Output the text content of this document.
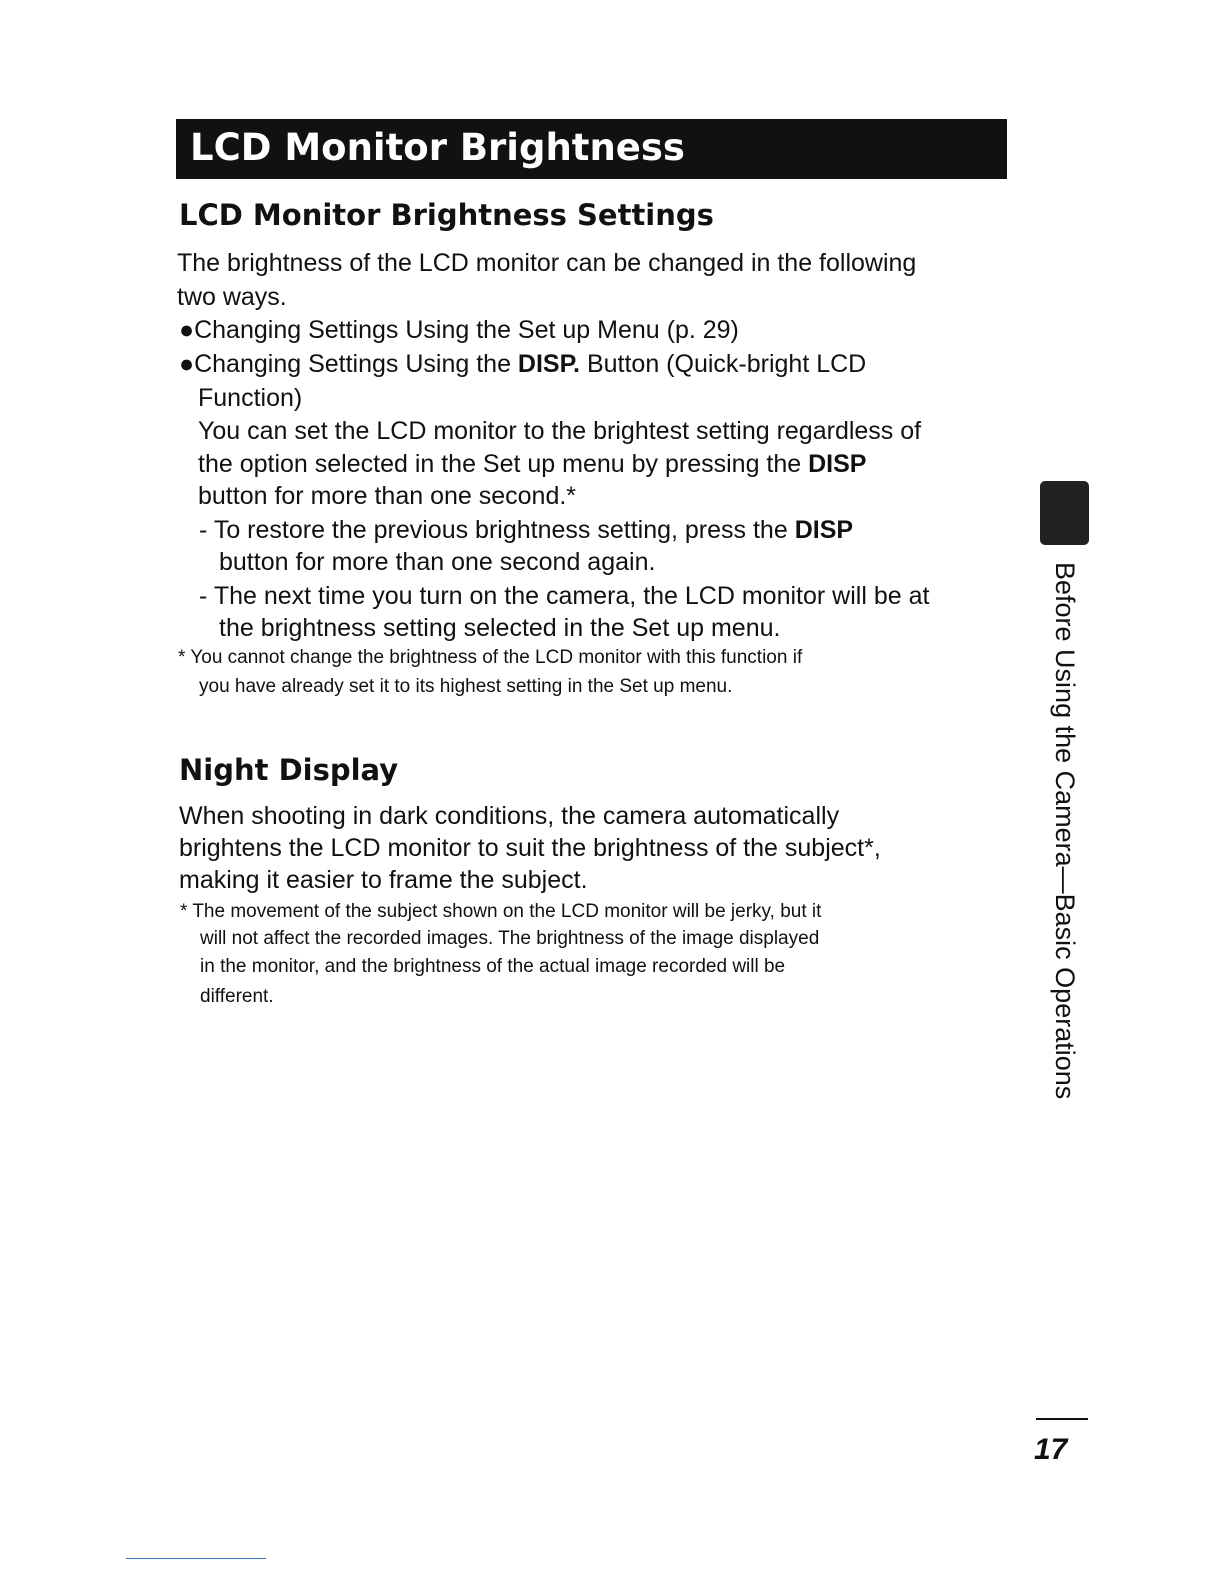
LCD Monitor Brightness
LCD Monitor Brightness Settings
The brightness of the LCD monitor can be changed in the following
two ways.
●Changing Settings Using the Set up Menu (p. 29)
●Changing Settings Using the DISP. Button (Quick-bright LCD
Function)
You can set the LCD monitor to the brightest setting regardless of
the option selected in the Set up menu by pressing the DISP
button for more than one second.*
- To restore the previous brightness setting, press the DISP
button for more than one second again.
- The next time you turn on the camera, the LCD monitor will be at
the brightness setting selected in the Set up menu.
* You cannot change the brightness of the LCD monitor with this function if
you have already set it to its highest setting in the Set up menu.
Night Display
When shooting in dark conditions, the camera automatically
brightens the LCD monitor to suit the brightness of the subject*,
making it easier to frame the subject.
* The movement of the subject shown on the LCD monitor will be jerky, but it
will not affect the recorded images. The brightness of the image displayed
in the monitor, and the brightness of the actual image recorded will be
different.	Before Using the Camera—Basic Operations
17
